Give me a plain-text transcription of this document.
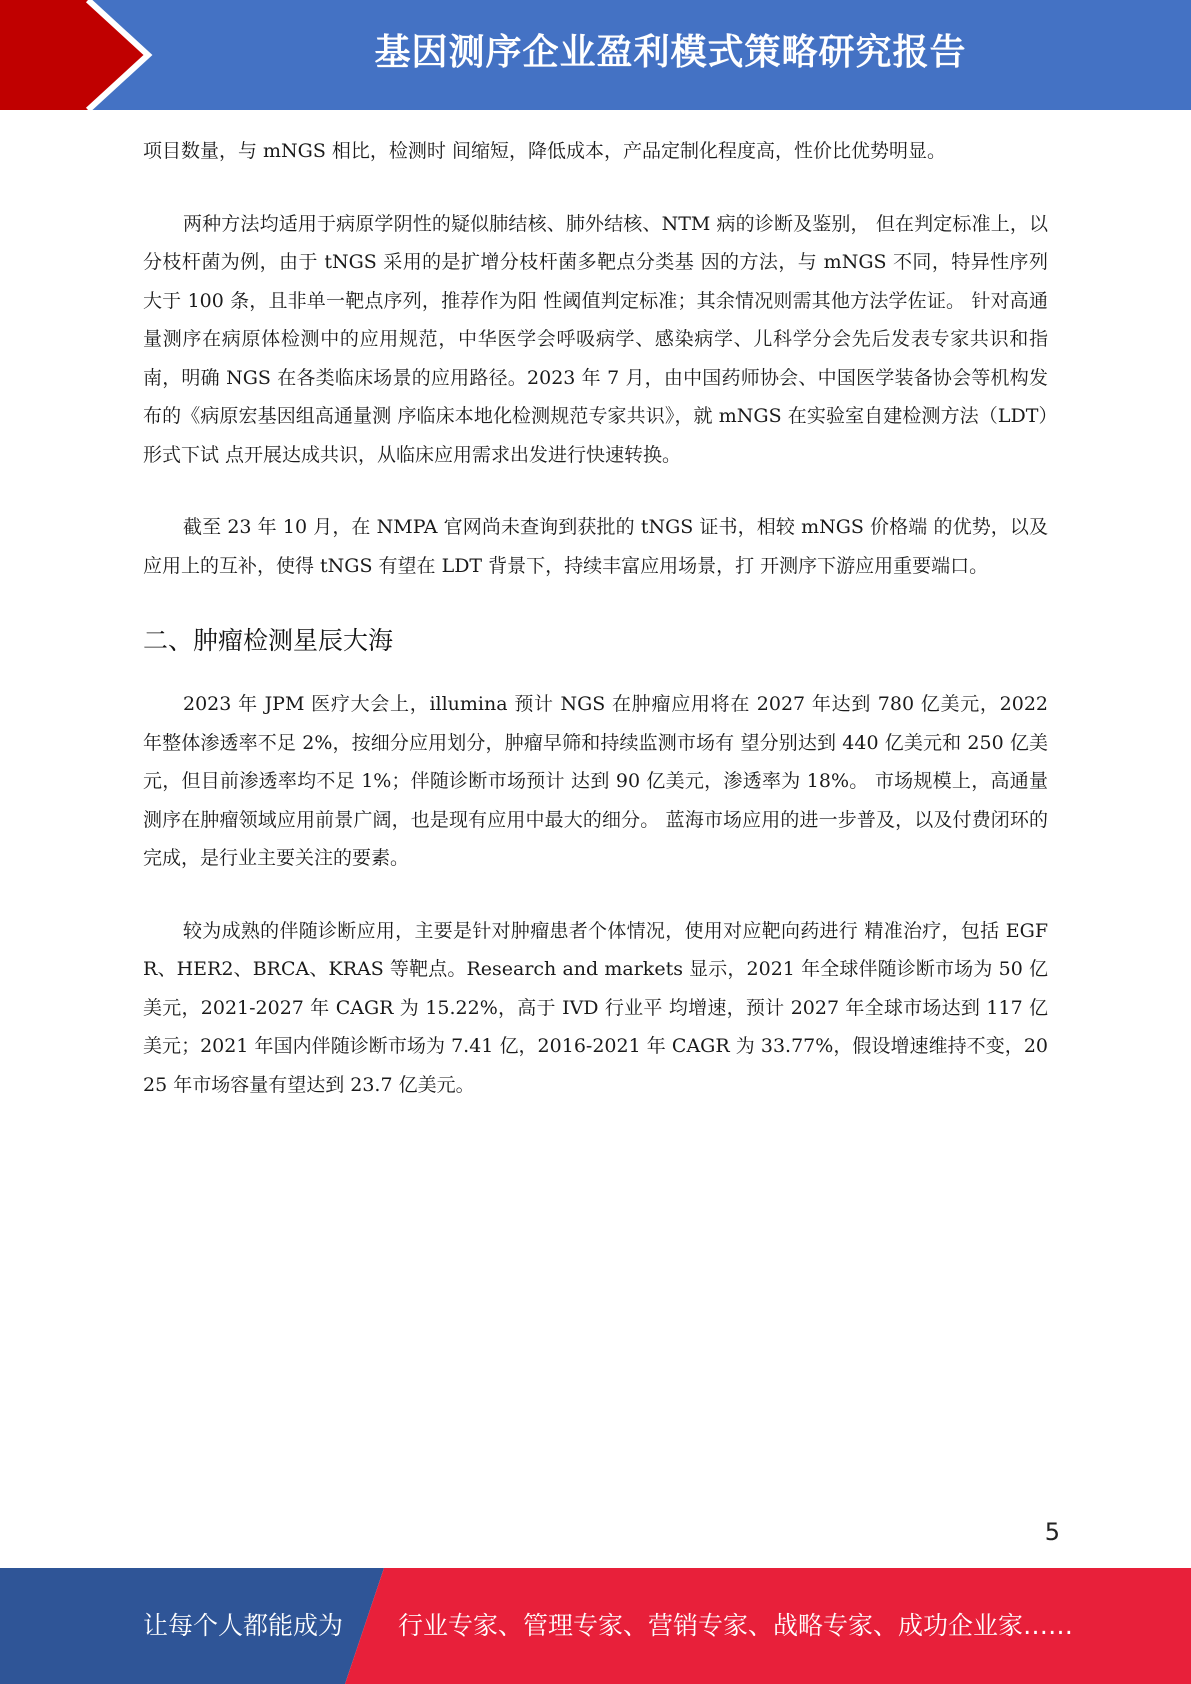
基因测序企业盈利模式策略研究报告

项目数量，与 mNGS 相比，检测时 间缩短，降低成本，产品定制化程度高，性价比优势明显。

两种方法均适用于病原学阴性的疑似肺结核、肺外结核、NTM 病的诊断及鉴别， 但在判定标准上，以分枝杆菌为例，由于 tNGS 采用的是扩增分枝杆菌多靶点分类基 因的方法，与 mNGS 不同，特异性序列大于 100 条，且非单一靶点序列，推荐作为阳 性阈值判定标准；其余情况则需其他方法学佐证。 针对高通量测序在病原体检测中的应用规范，中华医学会呼吸病学、感染病学、儿科学分会先后发表专家共识和指南，明确 NGS 在各类临床场景的应用路径。2023 年 7 月，由中国药师协会、中国医学装备协会等机构发布的《病原宏基因组高通量测 序临床本地化检测规范专家共识》，就 mNGS 在实验室自建检测方法（LDT）形式下试 点开展达成共识，从临床应用需求出发进行快速转换。

截至 23 年 10 月，在 NMPA 官网尚未查询到获批的 tNGS 证书，相较 mNGS 价格端 的优势，以及应用上的互补，使得 tNGS 有望在 LDT 背景下，持续丰富应用场景，打 开测序下游应用重要端口。

二、肿瘤检测星辰大海

2023 年 JPM 医疗大会上，illumina 预计 NGS 在肿瘤应用将在 2027 年达到 780 亿美元，2022 年整体渗透率不足 2%，按细分应用划分，肿瘤早筛和持续监测市场有 望分别达到 440 亿美元和 250 亿美元，但目前渗透率均不足 1%；伴随诊断市场预计 达到 90 亿美元，渗透率为 18%。 市场规模上，高通量测序在肿瘤领域应用前景广阔，也是现有应用中最大的细分。 蓝海市场应用的进一步普及，以及付费闭环的完成，是行业主要关注的要素。

较为成熟的伴随诊断应用，主要是针对肿瘤患者个体情况，使用对应靶向药进行 精准治疗，包括 EGFR、HER2、BRCA、KRAS 等靶点。Research and markets 显示，2021 年全球伴随诊断市场为 50 亿美元，2021-2027 年 CAGR 为 15.22%，高于 IVD 行业平 均增速，预计 2027 年全球市场达到 117 亿美元；2021 年国内伴随诊断市场为 7.41 亿，2016-2021 年 CAGR 为 33.77%，假设增速维持不变，2025 年市场容量有望达到 23.7 亿美元。

5
让每个人都能成为 行业专家、管理专家、营销专家、战略专家、成功企业家……
